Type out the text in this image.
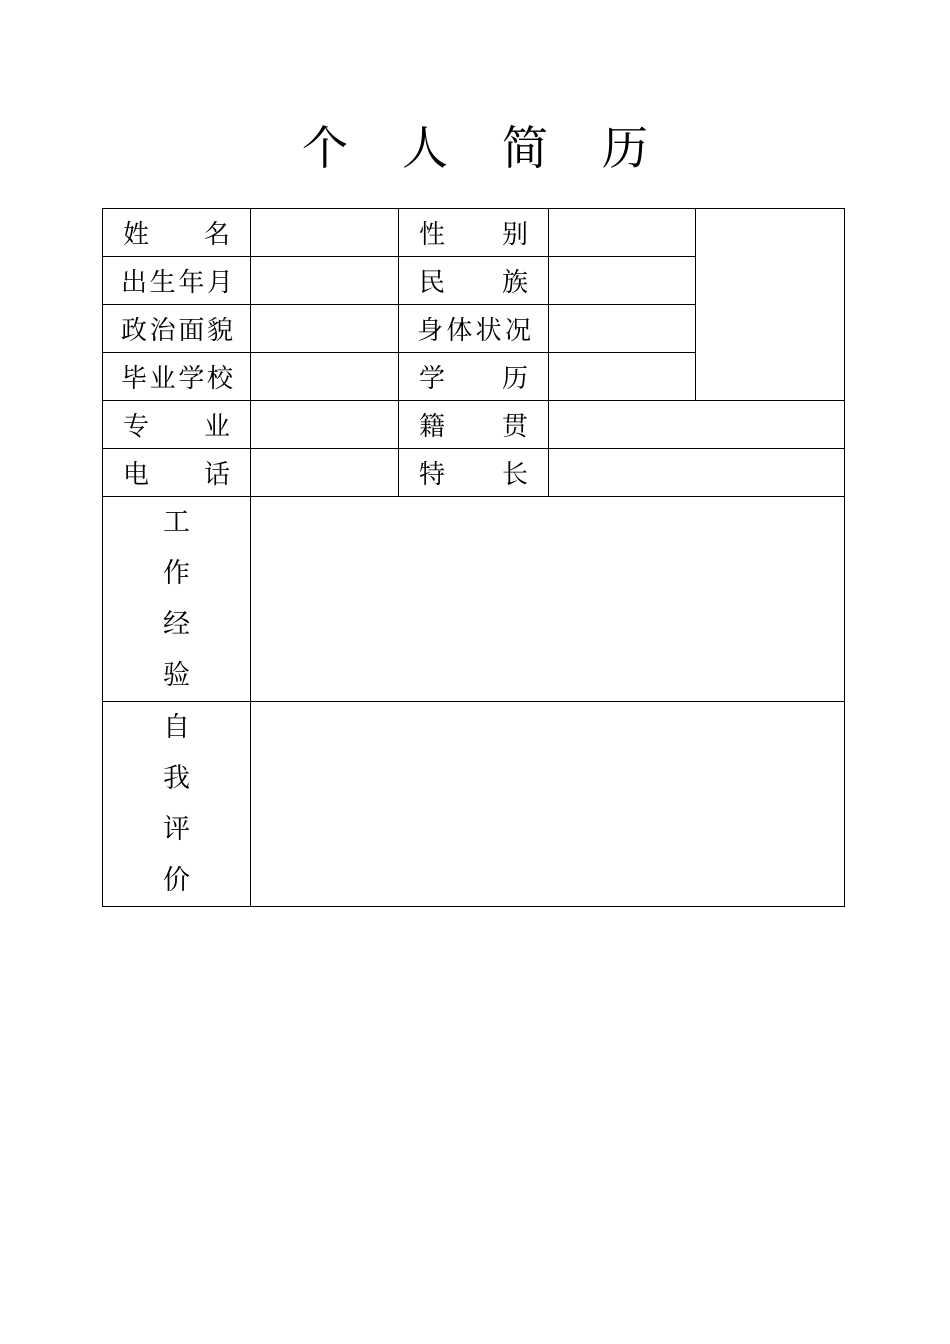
个 人 简 历
姓名		性别		
出生年月		民族		
政治面貌		身体状况		
毕业学校		学历		
专业		籍贯		
电话		特长		
工作经验				
自我评价				
